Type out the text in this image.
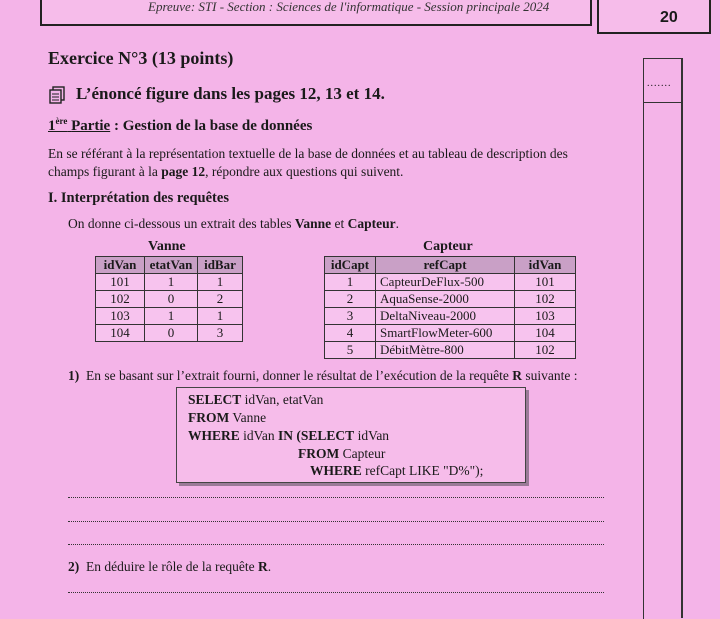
Epreuve: STI - Section : Sciences de l'informatique - Session principale 2024
20
.......
Exercice N°3 (13 points)
L’énoncé figure dans les pages 12, 13 et 14.
1ère Partie : Gestion de la base de données
En se référant à la représentation textuelle de la base de données et au tableau de description des
champs figurant à la page 12, répondre aux questions qui suivent.
I. Interprétation des requêtes
On donne ci-dessous un extrait des tables Vanne et Capteur.
Vanne
idVan	etatVan	idBar
101	1	1
102	0	2
103	1	1
104	0	3
Capteur
idCapt	refCapt	idVan
1	CapteurDeFlux-500	101
2	AquaSense-2000	102
3	DeltaNiveau-2000	103
4	SmartFlowMeter-600	104
5	DébitMètre-800	102
1) En se basant sur l’extrait fourni, donner le résultat de l’exécution de la requête R suivante :
SELECT idVan, etatVan
FROM Vanne
WHERE idVan IN (SELECT idVan
FROM Capteur
WHERE refCapt LIKE "D%");
2) En déduire le rôle de la requête R.
